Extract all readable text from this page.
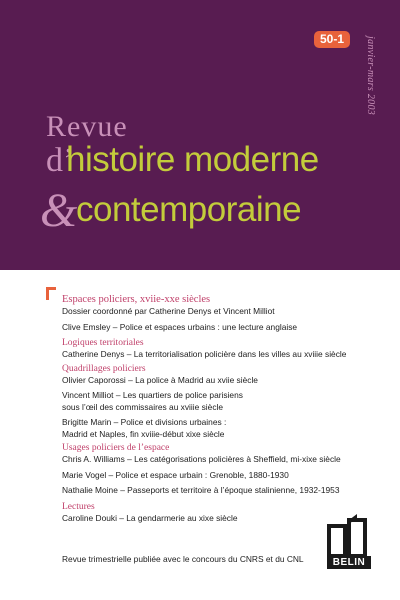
50-1	janvier-mars 2003
Revue
d’
histoire moderne
&
contemporaine
Espaces policiers, xviie-xxe siècles
Dossier coordonné par Catherine Denys et Vincent Milliot
Clive Emsley – Police et espaces urbains : une lecture anglaise
Logiques territoriales
Catherine Denys – La territorialisation policière dans les villes au xviiie siècle
Quadrillages policiers
Olivier Caporossi – La police à Madrid au xviie siècle
Vincent Milliot – Les quartiers de police parisiens
sous l’œil des commissaires au xviiie siècle
Brigitte Marin – Police et divisions urbaines :
Madrid et Naples, fin xviiie-début xixe siècle
Usages policiers de l’espace
Chris A. Williams – Les catégorisations policières à Sheffield, mi-xixe siècle
Marie Vogel – Police et espace urbain : Grenoble, 1880-1930
Nathalie Moine – Passeports et territoire à l’époque stalinienne, 1932-1953
Lectures
Caroline Douki – La gendarmerie au xixe siècle
Revue trimestrielle publiée avec le concours du CNRS et du CNL	BELIN
